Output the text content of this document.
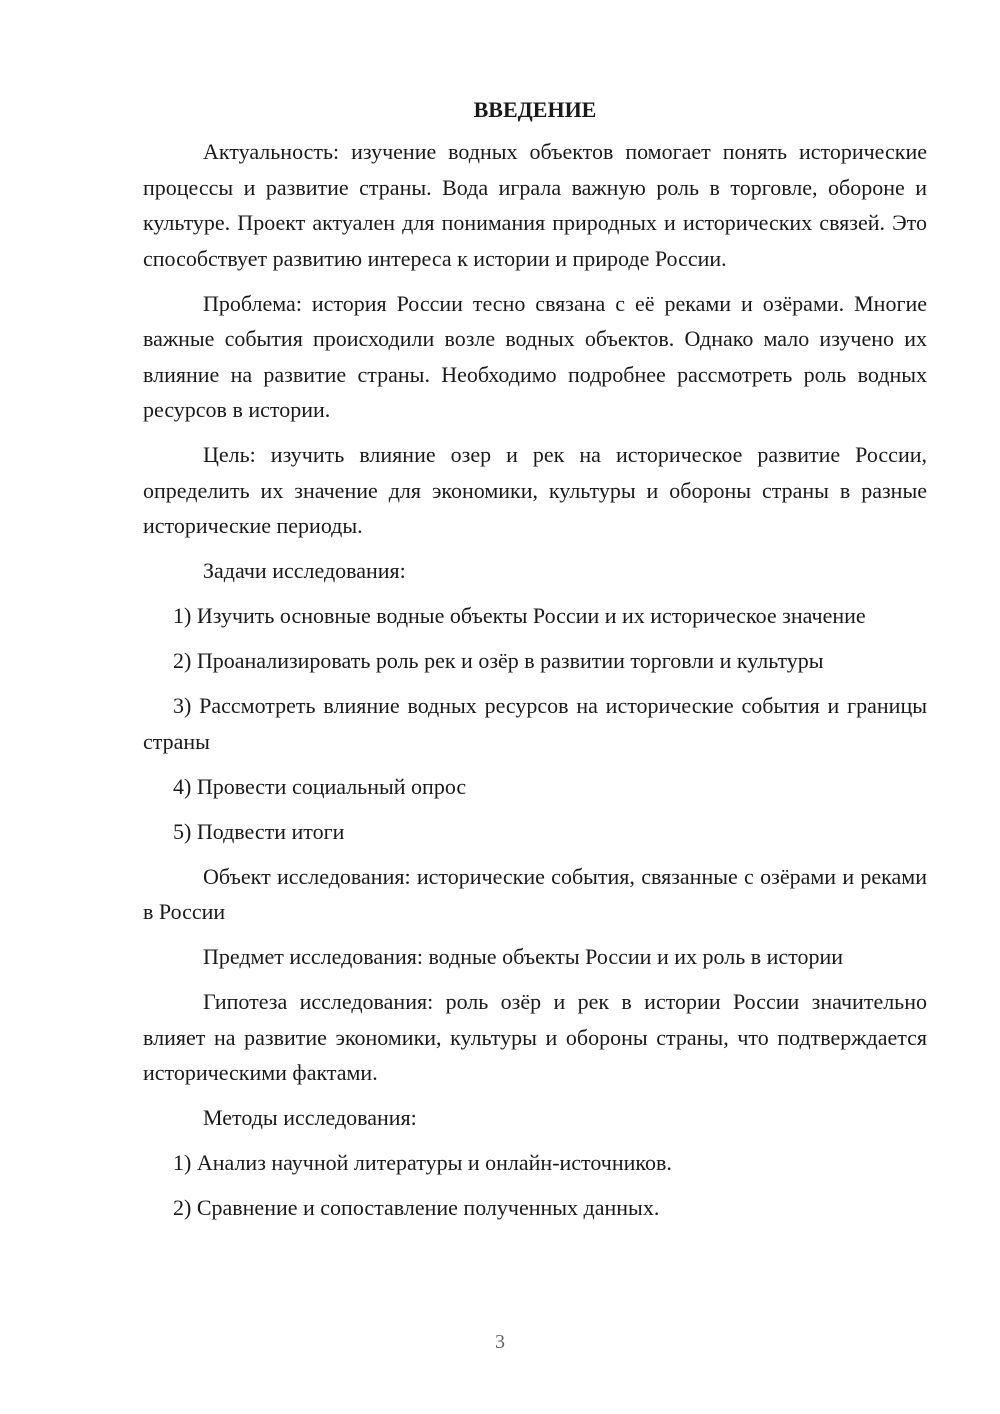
ВВЕДЕНИЕ

Актуальность: изучение водных объектов помогает понять исторические процессы и развитие страны. Вода играла важную роль в торговле, обороне и культуре. Проект актуален для понимания природных и исторических связей. Это способствует развитию интереса к истории и природе России.

Проблема: история России тесно связана с её реками и озёрами. Многие важные события происходили возле водных объектов. Однако мало изучено их влияние на развитие страны. Необходимо подробнее рассмотреть роль водных ресурсов в истории.

Цель: изучить влияние озер и рек на историческое развитие России, определить их значение для экономики, культуры и обороны страны в разные исторические периоды.

Задачи исследования:

1) Изучить основные водные объекты России и их историческое значение

2) Проанализировать роль рек и озёр в развитии торговли и культуры

3) Рассмотреть влияние водных ресурсов на исторические события и границы страны

4) Провести социальный опрос

5) Подвести итоги

Объект исследования: исторические события, связанные с озёрами и реками в России

Предмет исследования: водные объекты России и их роль в истории

Гипотеза исследования: роль озёр и рек в истории России значительно влияет на развитие экономики, культуры и обороны страны, что подтверждается историческими фактами.

Методы исследования:

1) Анализ научной литературы и онлайн-источников.

2) Сравнение и сопоставление полученных данных.

3
